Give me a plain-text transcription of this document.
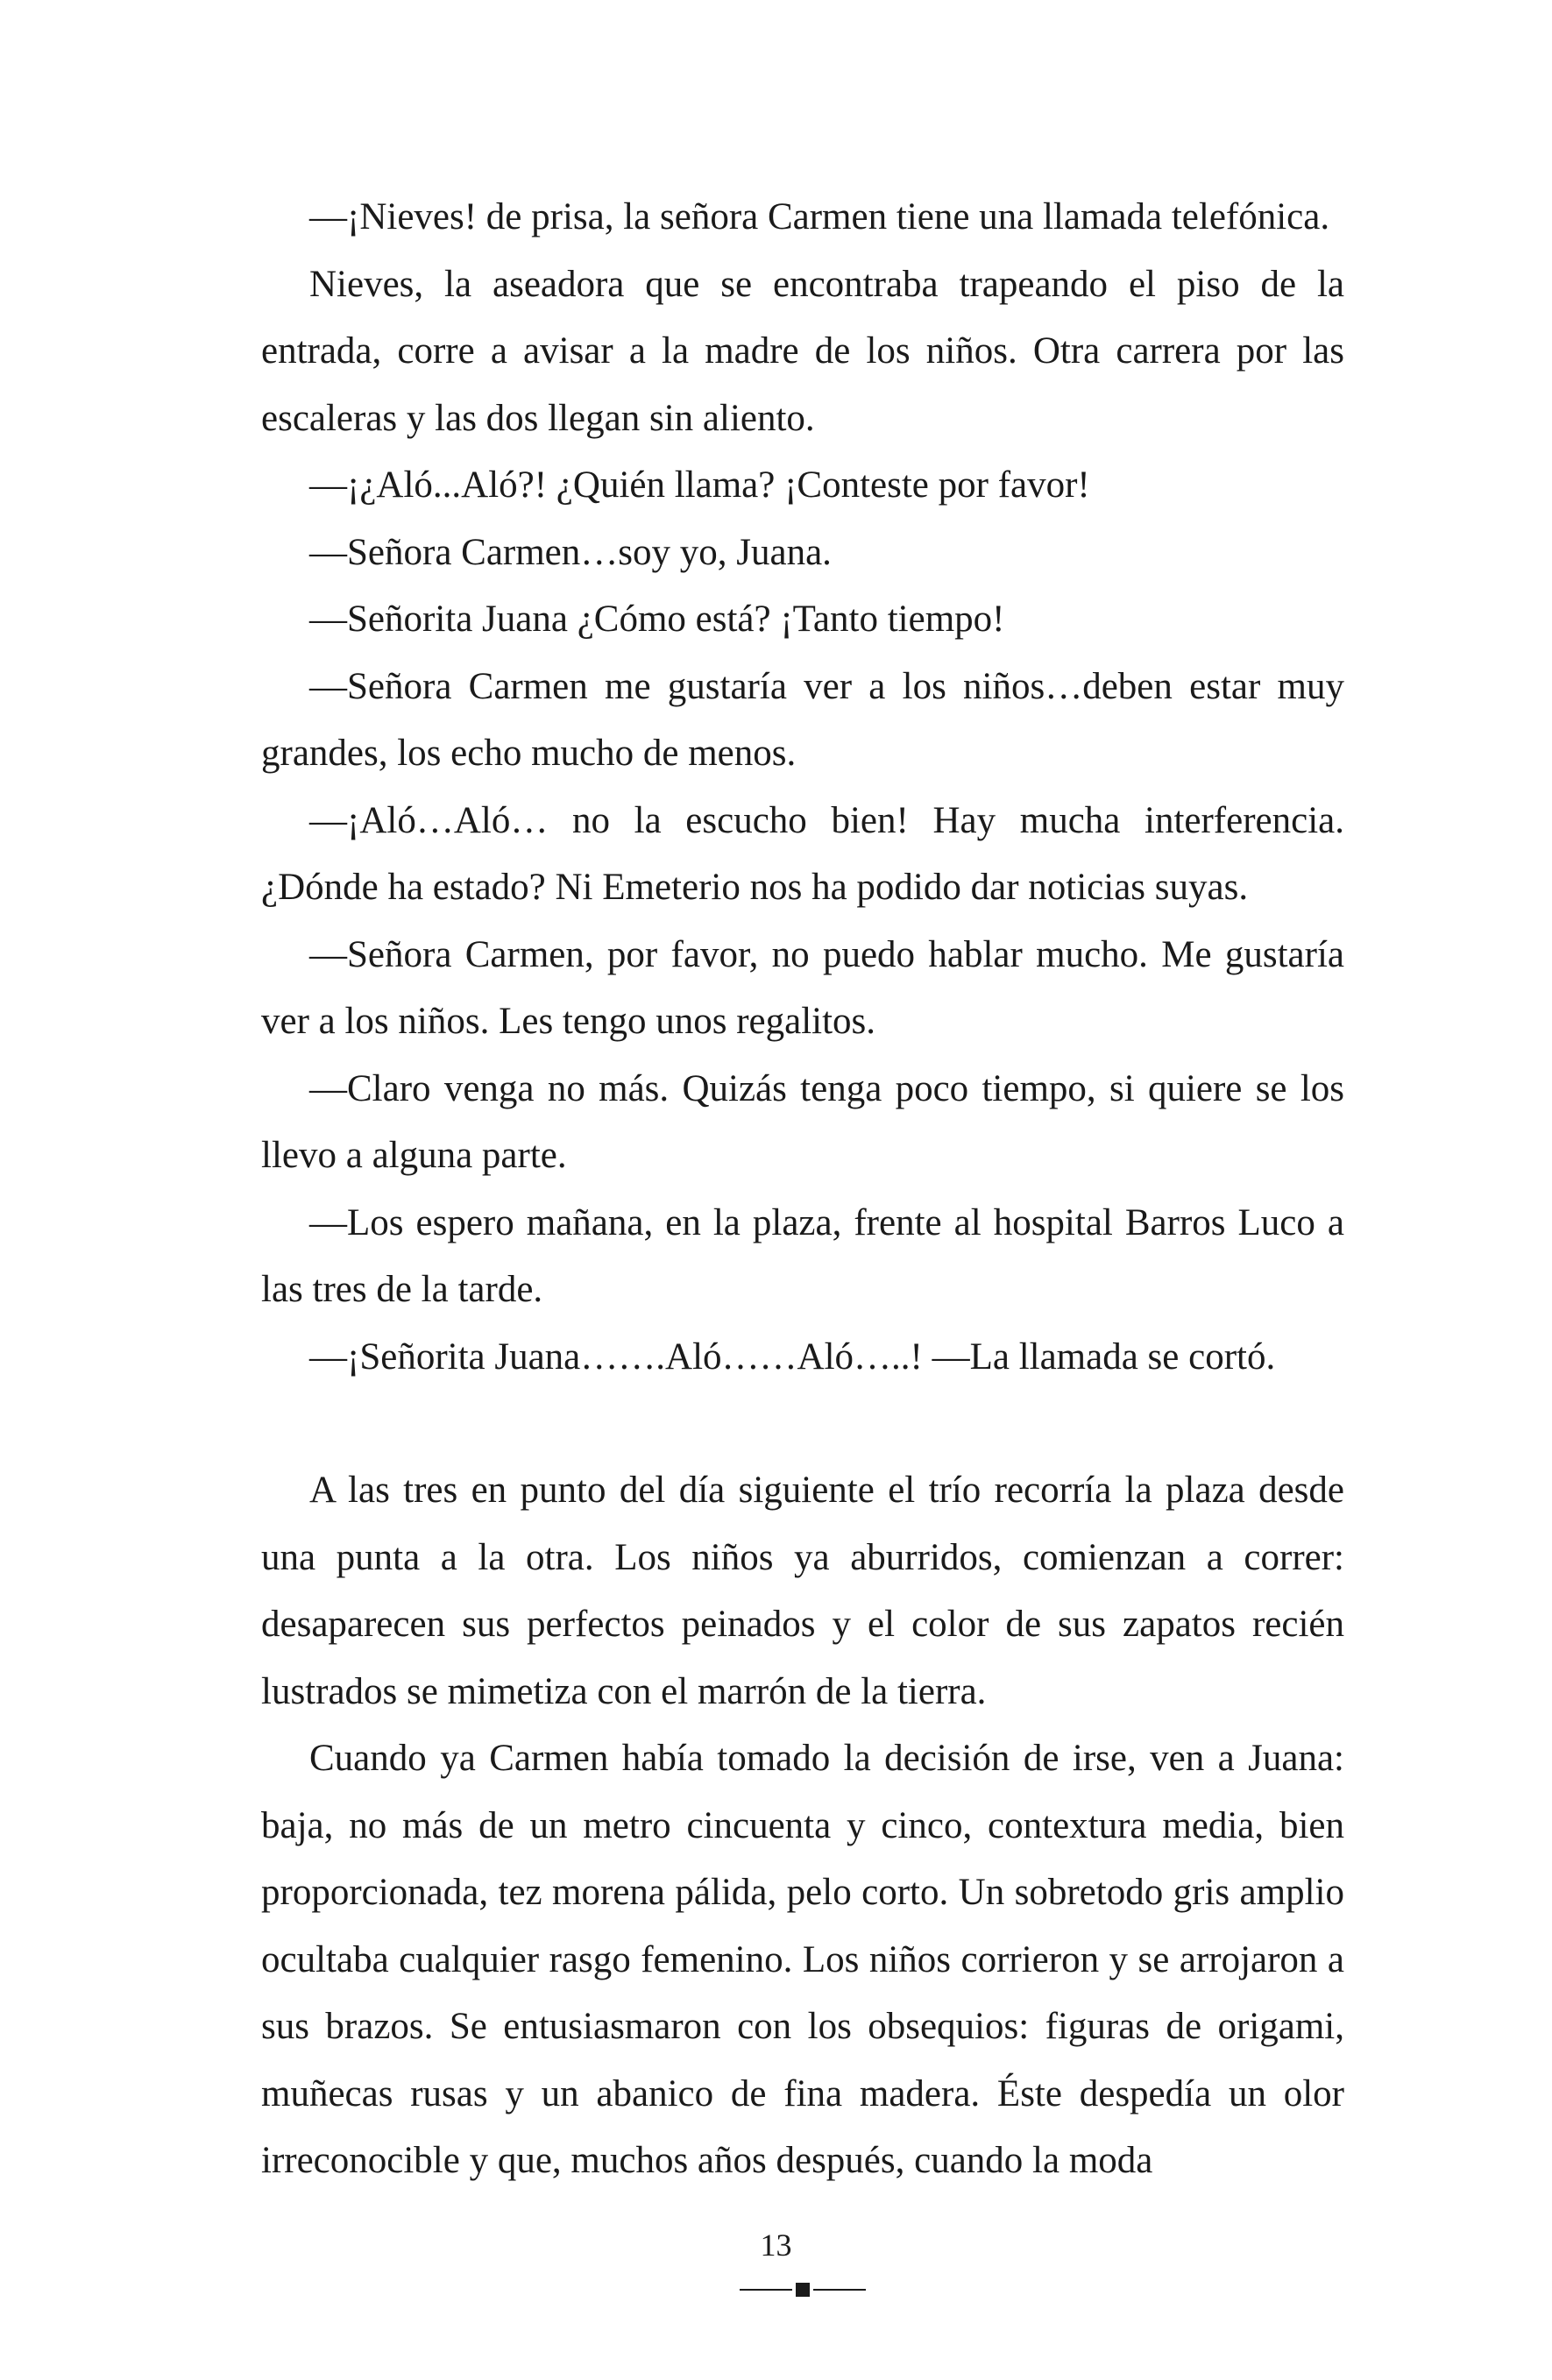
—¡Nieves! de prisa, la señora Carmen tiene una llamada telefónica.

Nieves, la aseadora que se encontraba trapeando el piso de la entrada, corre a avisar a la madre de los niños. Otra carrera por las escaleras y las dos llegan sin aliento.

—¡¿Aló...Aló?! ¿Quién llama? ¡Conteste por favor!

—Señora Carmen…soy yo, Juana.

—Señorita Juana ¿Cómo está? ¡Tanto tiempo!

—Señora Carmen me gustaría ver a los niños…deben estar muy grandes, los echo mucho de menos.

—¡Aló…Aló… no la escucho bien! Hay mucha interferencia. ¿Dónde ha estado? Ni Emeterio nos ha podido dar noticias suyas.

—Señora Carmen, por favor, no puedo hablar mucho. Me gustaría ver a los niños. Les tengo unos regalitos.

—Claro venga no más. Quizás tenga poco tiempo, si quiere se los llevo a alguna parte.

—Los espero mañana, en la plaza, frente al hospital Barros Luco a las tres de la tarde.

—¡Señorita Juana…….Aló……Aló…..! —La llamada se cortó.

A las tres en punto del día siguiente el trío recorría la plaza desde una punta a la otra. Los niños ya aburridos, comienzan a correr: desaparecen sus perfectos peinados y el color de sus zapatos recién lustrados se mimetiza con el marrón de la tierra.

Cuando ya Carmen había tomado la decisión de irse, ven a Juana: baja, no más de un metro cincuenta y cinco, contextura media, bien proporcionada, tez morena pálida, pelo corto. Un sobretodo gris amplio ocultaba cualquier rasgo femenino. Los niños corrieron y se arrojaron a sus brazos. Se entusiasmaron con los obsequios: figuras de origami, muñecas rusas y un abanico de fina madera. Éste despedía un olor irreconocible y que, muchos años después, cuando la moda

13
